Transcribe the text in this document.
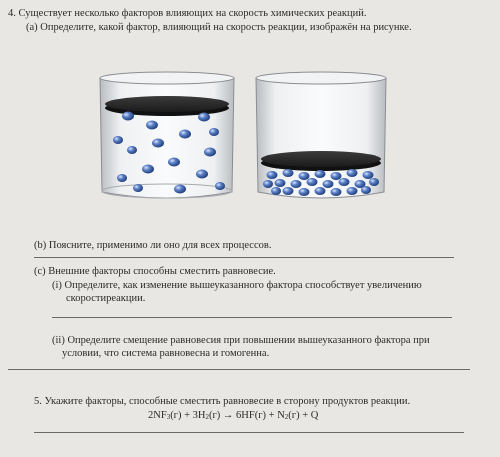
4. Существует несколько факторов влияющих на скорость химических реакций.
(a) Определите, какой фактор, влияющий на скорость реакции, изображён на рисунке.
(b) Поясните, применимо ли оно для всех процессов.
(c) Внешние факторы способны сместить равновесие.
(i) Определите, как изменение вышеуказанного фактора способствует увеличению
скоростиреакции.
(ii) Определите смещение равновесия при повышении вышеуказанного фактора при
условии, что система равновесна и гомогенна.
5. Укажите факторы, способные сместить равновесие в сторону продуктов реакции.
2NF3(г) + 3H2(г) → 6HF(г) + N2(г) + Q
